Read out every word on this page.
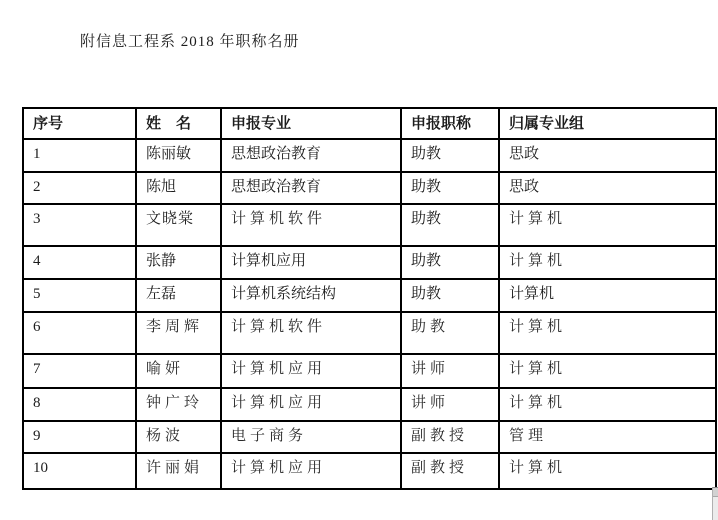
附信息工程系 2018 年职称名册
序号	姓　名	申报专业	申报职称	归属专业组
1	陈丽敏	思想政治教育	助教	思政
2	陈旭	思想政治教育	助教	思政
3	文晓棠	计算机软件	助教	计算机
4	张静	计算机应用	助教	计算机
5	左磊	计算机系统结构	助教	计算机
6	李周辉	计算机软件	助教	计算机
7	喻妍	计算机应用	讲师	计算机
8	钟广玲	计算机应用	讲师	计算机
9	杨波	电子商务	副教授	管理
10	许丽娟	计算机应用	副教授	计算机
